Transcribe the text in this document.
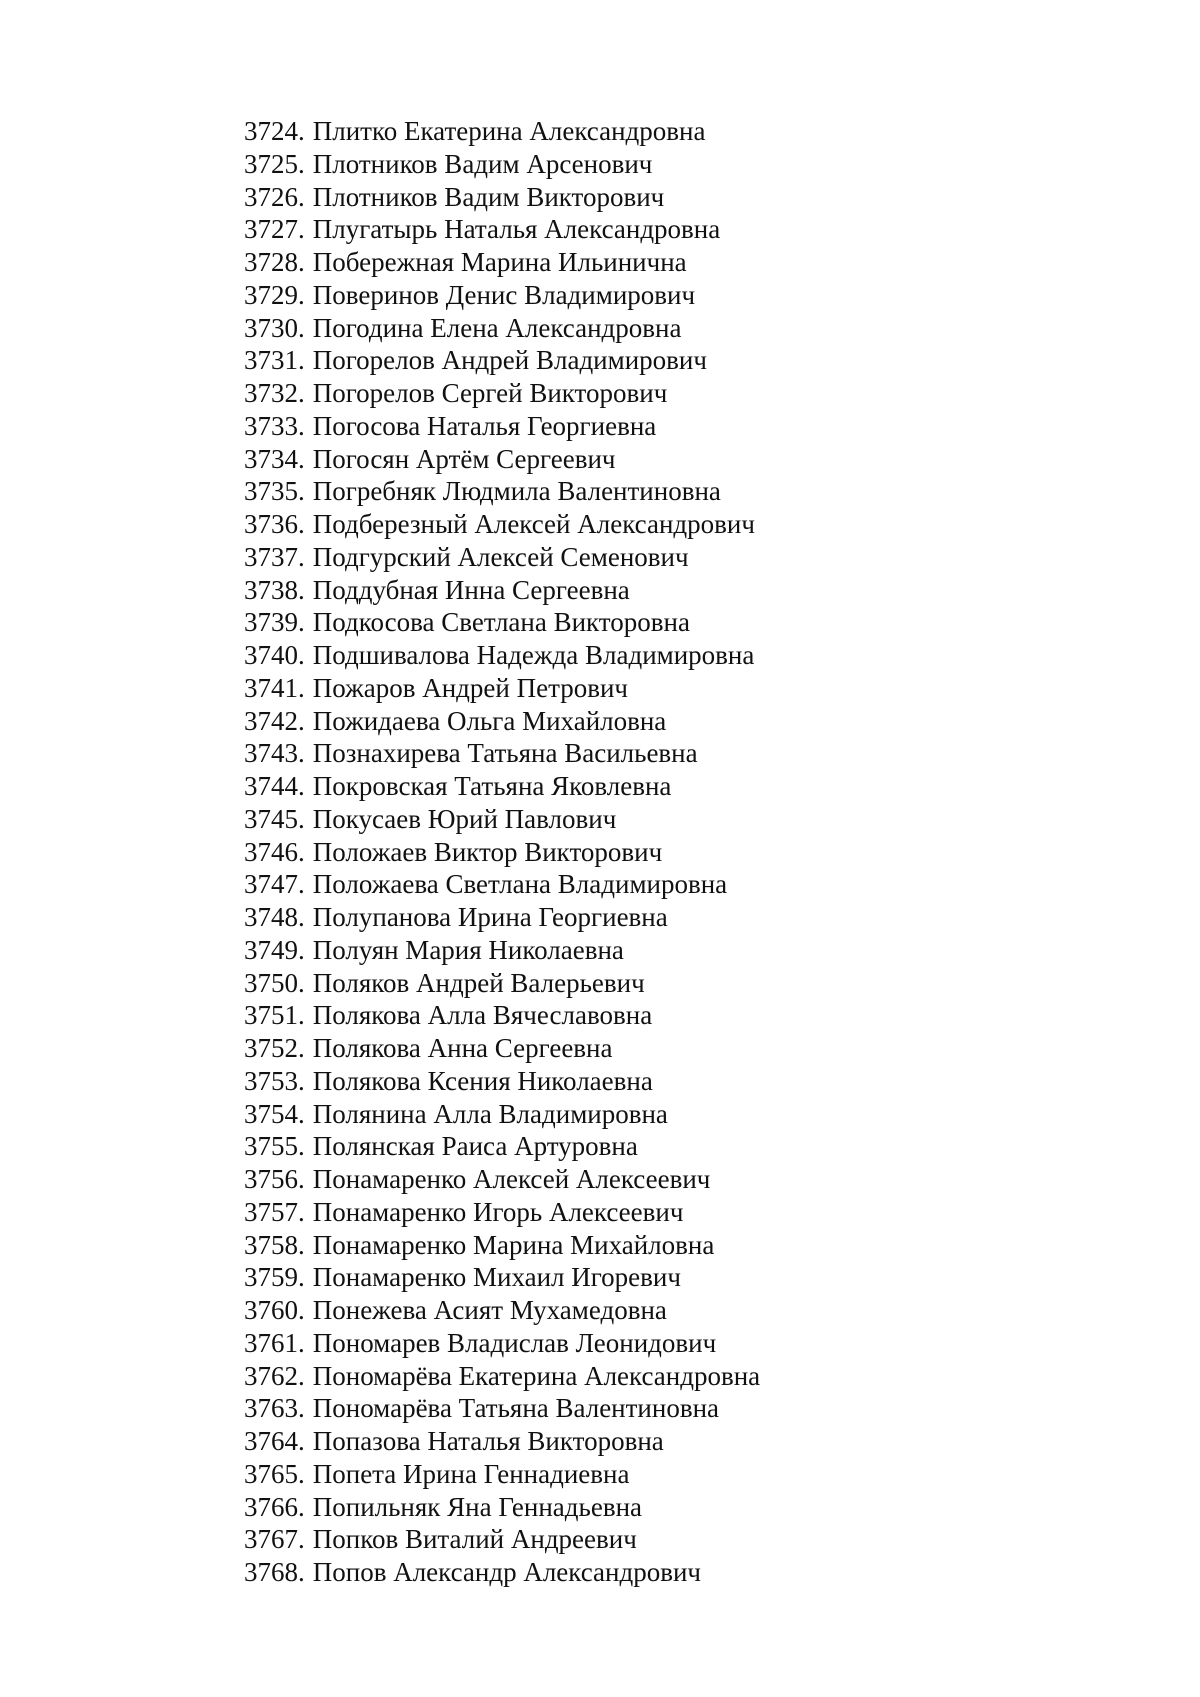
3724. Плитко Екатерина Александровна
3725. Плотников Вадим Арсенович
3726. Плотников Вадим Викторович
3727. Плугатырь Наталья Александровна
3728. Побережная Марина Ильинична
3729. Поверинов Денис Владимирович
3730. Погодина Елена Александровна
3731. Погорелов Андрей Владимирович
3732. Погорелов Сергей Викторович
3733. Погосова Наталья Георгиевна
3734. Погосян Артём Сергеевич
3735. Погребняк Людмила Валентиновна
3736. Подберезный Алексей Александрович
3737. Подгурский Алексей Семенович
3738. Поддубная Инна Сергеевна
3739. Подкосова Светлана Викторовна
3740. Подшивалова Надежда Владимировна
3741. Пожаров Андрей Петрович
3742. Пожидаева Ольга Михайловна
3743. Познахирева Татьяна Васильевна
3744. Покровская Татьяна Яковлевна
3745. Покусаев Юрий Павлович
3746. Положаев Виктор Викторович
3747. Положаева Светлана Владимировна
3748. Полупанова Ирина Георгиевна
3749. Полуян Мария Николаевна
3750. Поляков Андрей Валерьевич
3751. Полякова Алла Вячеславовна
3752. Полякова Анна Сергеевна
3753. Полякова Ксения Николаевна
3754. Полянина Алла Владимировна
3755. Полянская Раиса Артуровна
3756. Понамаренко Алексей Алексеевич
3757. Понамаренко Игорь Алексеевич
3758. Понамаренко Марина Михайловна
3759. Понамаренко Михаил Игоревич
3760. Понежева Асият Мухамедовна
3761. Пономарев Владислав Леонидович
3762. Пономарёва Екатерина Александровна
3763. Пономарёва Татьяна Валентиновна
3764. Попазова Наталья Викторовна
3765. Попета Ирина Геннадиевна
3766. Попильняк Яна Геннадьевна
3767. Попков Виталий Андреевич
3768. Попов Александр Александрович
